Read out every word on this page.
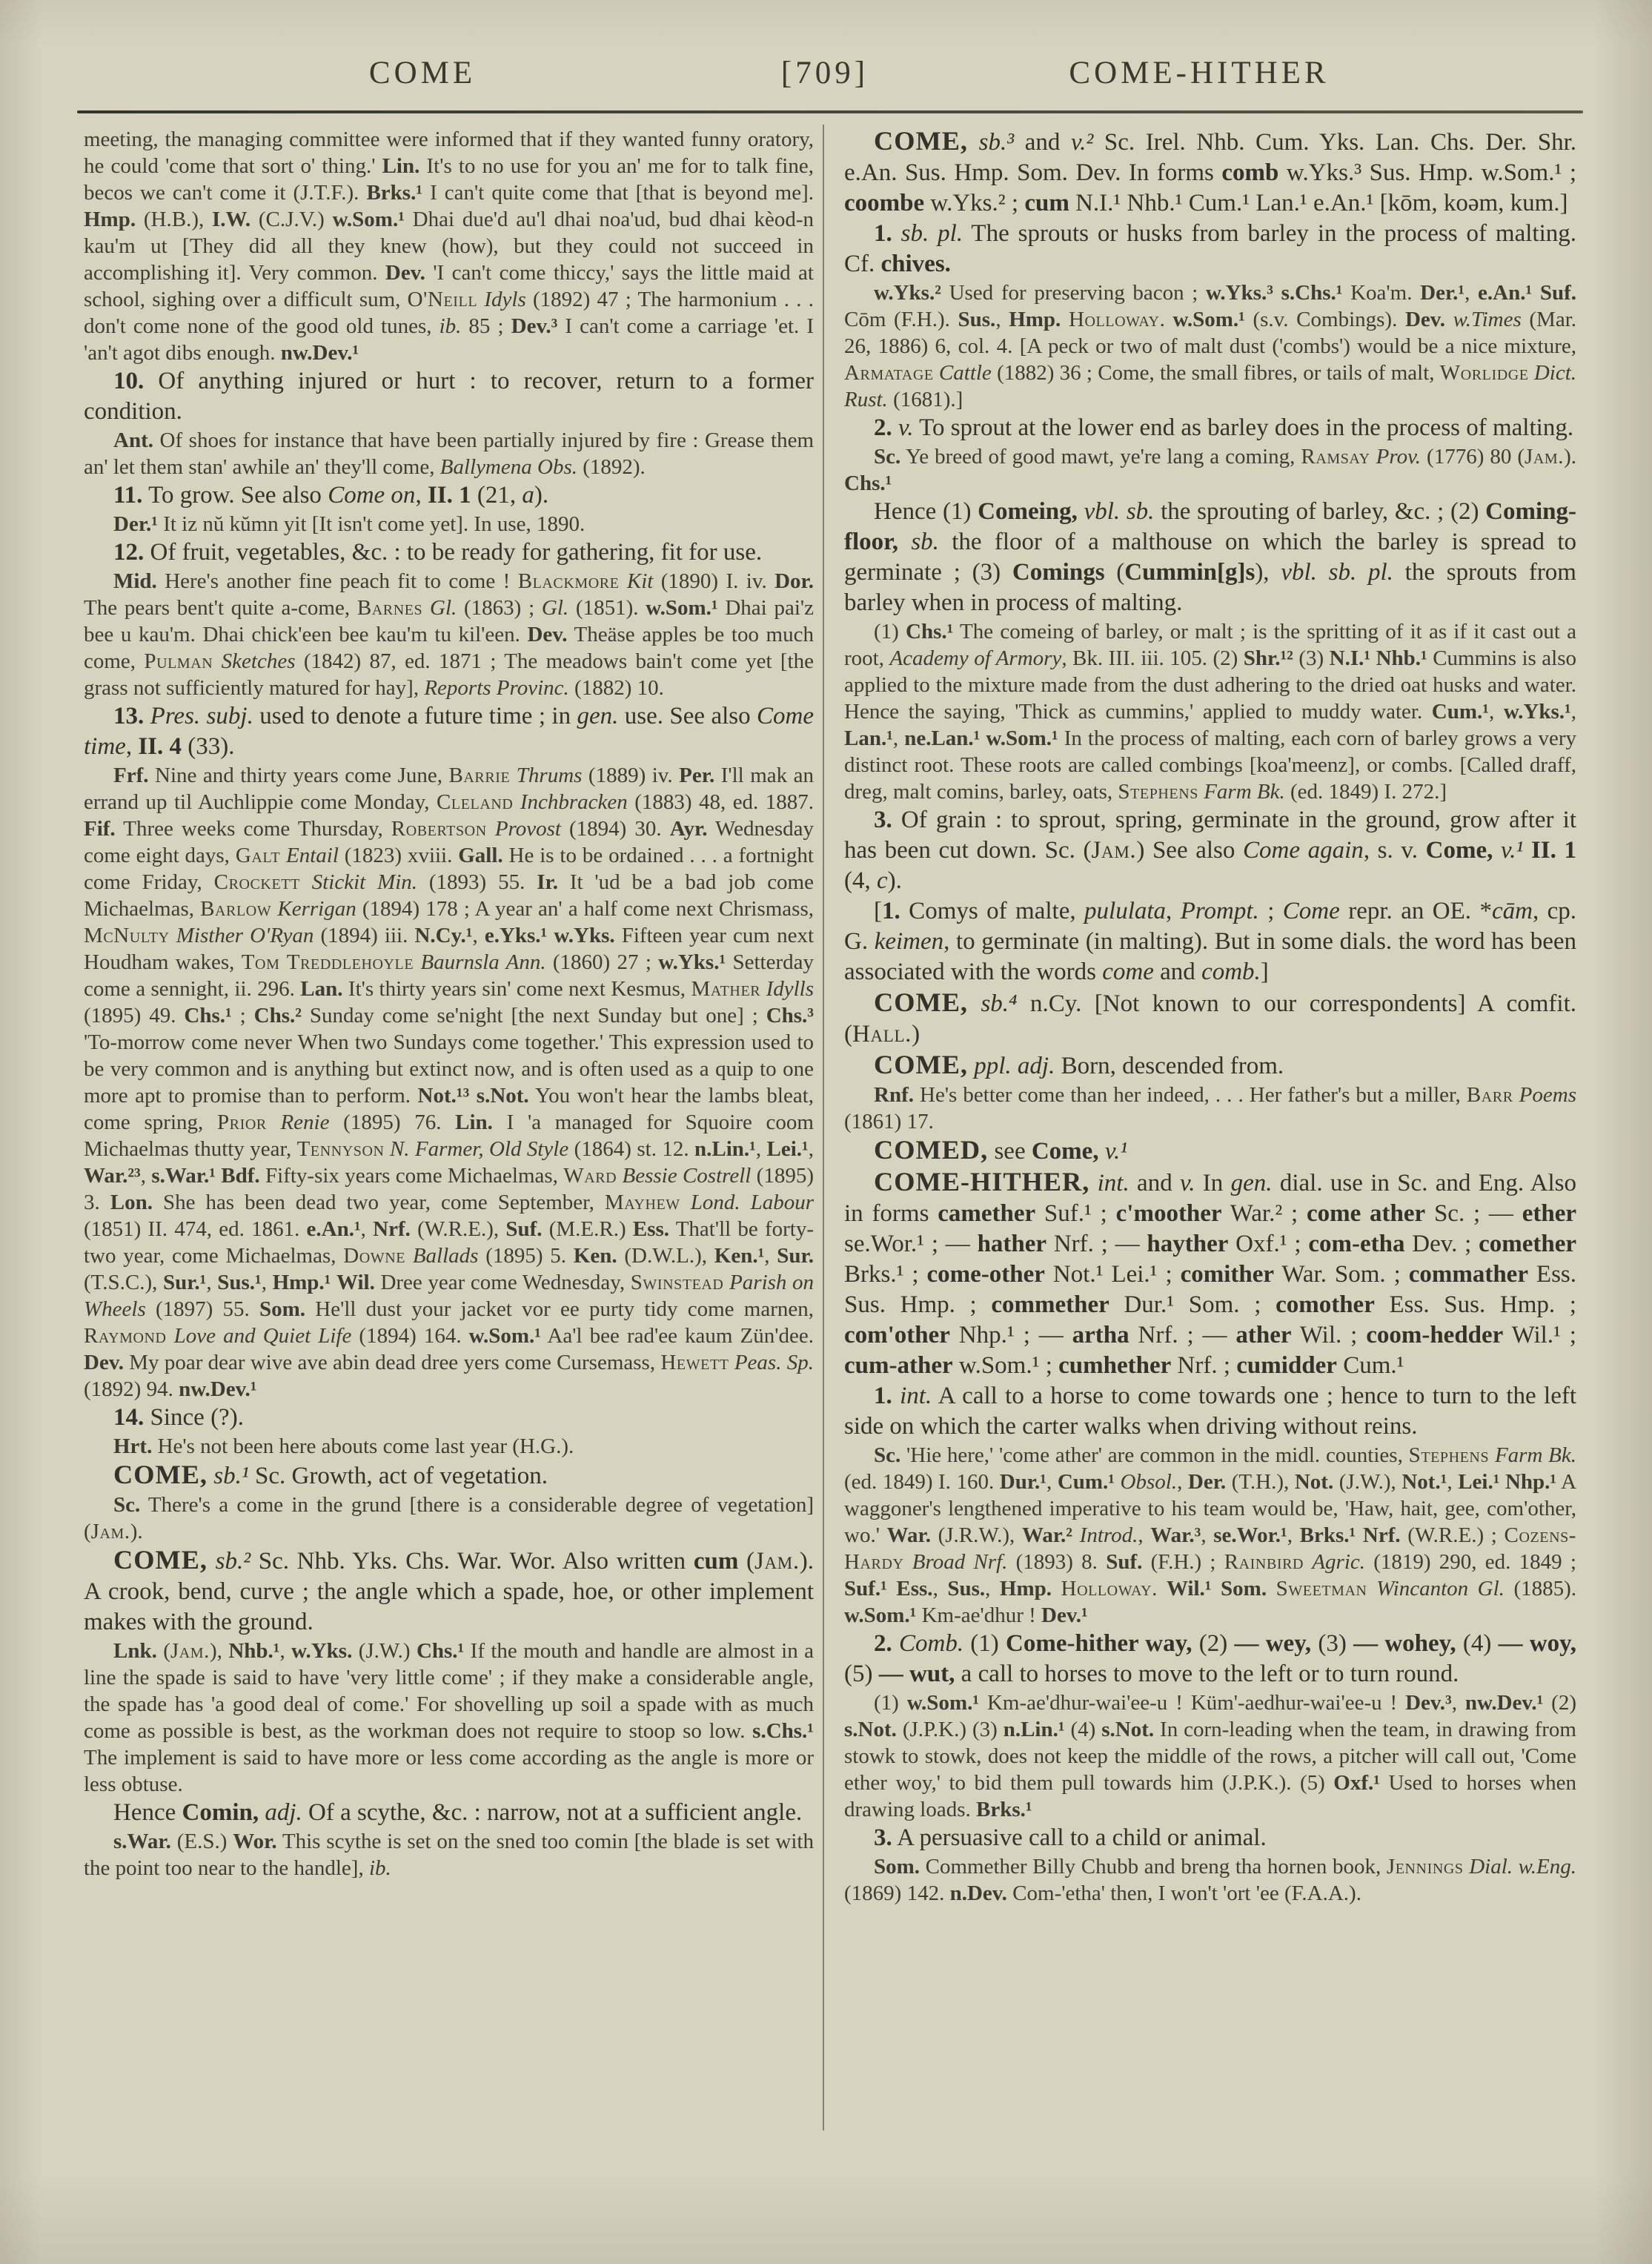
COME	[709]	COME-HITHER

meeting, the managing committee were informed that if they wanted funny oratory, he could 'come that sort o' thing.' Lin. It's to no use for you an' me for to talk fine, becos we can't come it (J.T.F.). Brks.¹ I can't quite come that [that is beyond me]. Hmp. (H.B.), I.W. (C.J.V.) w.Som.¹ Dhai due'd au'l dhai noa'ud, bud dhai kèod-n kau'm ut [They did all they knew (how), but they could not succeed in accomplishing it]. Very common. Dev. 'I can't come thiccy,' says the little maid at school, sighing over a difficult sum, O'Neill Idyls (1892) 47 ; The harmonium . . . don't come none of the good old tunes, ib. 85 ; Dev.³ I can't come a carriage 'et. I 'an't agot dibs enough. nw.Dev.¹

10. Of anything injured or hurt : to recover, return to a former condition.

Ant. Of shoes for instance that have been partially injured by fire : Grease them an' let them stan' awhile an' they'll come, Ballymena Obs. (1892).

11. To grow. See also Come on, II. 1 (21, a).

Der.¹ It iz nŭ kŭmn yit [It isn't come yet]. In use, 1890.

12. Of fruit, vegetables, &c. : to be ready for gathering, fit for use.

Mid. Here's another fine peach fit to come ! Blackmore Kit (1890) I. iv. Dor. The pears bent't quite a-come, Barnes Gl. (1863) ; Gl. (1851). w.Som.¹ Dhai pai'z bee u kau'm. Dhai chick'een bee kau'm tu kil'een. Dev. Theäse apples be too much come, Pulman Sketches (1842) 87, ed. 1871 ; The meadows bain't come yet [the grass not sufficiently matured for hay], Reports Provinc. (1882) 10.

13. Pres. subj. used to denote a future time ; in gen. use. See also Come time, II. 4 (33).

Frf. Nine and thirty years come June, Barrie Thrums (1889) iv. Per. I'll mak an errand up til Auchlippie come Monday, Cleland Inchbracken (1883) 48, ed. 1887. Fif. Three weeks come Thursday, Robertson Provost (1894) 30. Ayr. Wednesday come eight days, Galt Entail (1823) xviii. Gall. He is to be ordained . . . a fortnight come Friday, Crockett Stickit Min. (1893) 55. Ir. It 'ud be a bad job come Michaelmas, Barlow Kerrigan (1894) 178 ; A year an' a half come next Chrismass, McNulty Misther O'Ryan (1894) iii. N.Cy.¹, e.Yks.¹ w.Yks. Fifteen year cum next Houdham wakes, Tom Treddlehoyle Baurnsla Ann. (1860) 27 ; w.Yks.¹ Setterday come a sennight, ii. 296. Lan. It's thirty years sin' come next Kesmus, Mather Idylls (1895) 49. Chs.¹ ; Chs.² Sunday come se'night [the next Sunday but one] ; Chs.³ 'To-morrow come never When two Sundays come together.' This expression used to be very common and is anything but extinct now, and is often used as a quip to one more apt to promise than to perform. Not.¹³ s.Not. You won't hear the lambs bleat, come spring, Prior Renie (1895) 76. Lin. I 'a managed for Squoire coom Michaelmas thutty year, Tennyson N. Farmer, Old Style (1864) st. 12. n.Lin.¹, Lei.¹, War.²³, s.War.¹ Bdf. Fifty-six years come Michaelmas, Ward Bessie Costrell (1895) 3. Lon. She has been dead two year, come September, Mayhew Lond. Labour (1851) II. 474, ed. 1861. e.An.¹, Nrf. (W.R.E.), Suf. (M.E.R.) Ess. That'll be forty-two year, come Michaelmas, Downe Ballads (1895) 5. Ken. (D.W.L.), Ken.¹, Sur. (T.S.C.), Sur.¹, Sus.¹, Hmp.¹ Wil. Dree year come Wednesday, Swinstead Parish on Wheels (1897) 55. Som. He'll dust your jacket vor ee purty tidy come marnen, Raymond Love and Quiet Life (1894) 164. w.Som.¹ Aa'l bee rad'ee kaum Zün'dee. Dev. My poar dear wive ave abin dead dree yers come Cursemass, Hewett Peas. Sp. (1892) 94. nw.Dev.¹

14. Since (?).

Hrt. He's not been here abouts come last year (H.G.).

COME, sb.¹ Sc. Growth, act of vegetation.

Sc. There's a come in the grund [there is a considerable degree of vegetation] (Jam.).

COME, sb.² Sc. Nhb. Yks. Chs. War. Wor. Also written cum (Jam.). A crook, bend, curve ; the angle which a spade, hoe, or other implement makes with the ground.

Lnk. (Jam.), Nhb.¹, w.Yks. (J.W.) Chs.¹ If the mouth and handle are almost in a line the spade is said to have 'very little come' ; if they make a considerable angle, the spade has 'a good deal of come.' For shovelling up soil a spade with as much come as possible is best, as the workman does not require to stoop so low. s.Chs.¹ The implement is said to have more or less come according as the angle is more or less obtuse.

Hence Comin, adj. Of a scythe, &c. : narrow, not at a sufficient angle.

s.War. (E.S.) Wor. This scythe is set on the sned too comin [the blade is set with the point too near to the handle], ib.

COME, sb.³ and v.² Sc. Irel. Nhb. Cum. Yks. Lan. Chs. Der. Shr. e.An. Sus. Hmp. Som. Dev. In forms comb w.Yks.³ Sus. Hmp. w.Som.¹ ; coombe w.Yks.² ; cum N.I.¹ Nhb.¹ Cum.¹ Lan.¹ e.An.¹ [kōm, koəm, kum.]

1. sb. pl. The sprouts or husks from barley in the process of malting. Cf. chives.

w.Yks.² Used for preserving bacon ; w.Yks.³ s.Chs.¹ Koa'm. Der.¹, e.An.¹ Suf. Cōm (F.H.). Sus., Hmp. Holloway. w.Som.¹ (s.v. Combings). Dev. w.Times (Mar. 26, 1886) 6, col. 4. [A peck or two of malt dust ('combs') would be a nice mixture, Armatage Cattle (1882) 36 ; Come, the small fibres, or tails of malt, Worlidge Dict. Rust. (1681).]

2. v. To sprout at the lower end as barley does in the process of malting.

Sc. Ye breed of good mawt, ye're lang a coming, Ramsay Prov. (1776) 80 (Jam.). Chs.¹

Hence (1) Comeing, vbl. sb. the sprouting of barley, &c. ; (2) Coming-floor, sb. the floor of a malthouse on which the barley is spread to germinate ; (3) Comings (Cummin[g]s), vbl. sb. pl. the sprouts from barley when in process of malting.

(1) Chs.¹ The comeing of barley, or malt ; is the spritting of it as if it cast out a root, Academy of Armory, Bk. III. iii. 105. (2) Shr.¹² (3) N.I.¹ Nhb.¹ Cummins is also applied to the mixture made from the dust adhering to the dried oat husks and water. Hence the saying, 'Thick as cummins,' applied to muddy water. Cum.¹, w.Yks.¹, Lan.¹, ne.Lan.¹ w.Som.¹ In the process of malting, each corn of barley grows a very distinct root. These roots are called combings [koa'meenz], or combs. [Called draff, dreg, malt comins, barley, oats, Stephens Farm Bk. (ed. 1849) I. 272.]

3. Of grain : to sprout, spring, germinate in the ground, grow after it has been cut down. Sc. (Jam.) See also Come again, s. v. Come, v.¹ II. 1 (4, c).

[1. Comys of malte, pululata, Prompt. ; Come repr. an OE. *cām, cp. G. keimen, to germinate (in malting). But in some dials. the word has been associated with the words come and comb.]

COME, sb.⁴ n.Cy. [Not known to our correspondents] A comfit. (Hall.)

COME, ppl. adj. Born, descended from.

Rnf. He's better come than her indeed, . . . Her father's but a miller, Barr Poems (1861) 17.

COMED, see Come, v.¹

COME-HITHER, int. and v. In gen. dial. use in Sc. and Eng. Also in forms camether Suf.¹ ; c'moother War.² ; come ather Sc. ; — ether se.Wor.¹ ; — hather Nrf. ; — hayther Oxf.¹ ; com-etha Dev. ; comether Brks.¹ ; come-other Not.¹ Lei.¹ ; comither War. Som. ; commather Ess. Sus. Hmp. ; commether Dur.¹ Som. ; comother Ess. Sus. Hmp. ; com'other Nhp.¹ ; — artha Nrf. ; — ather Wil. ; coom-hedder Wil.¹ ; cum-ather w.Som.¹ ; cumhether Nrf. ; cumidder Cum.¹

1. int. A call to a horse to come towards one ; hence to turn to the left side on which the carter walks when driving without reins.

Sc. 'Hie here,' 'come ather' are common in the midl. counties, Stephens Farm Bk. (ed. 1849) I. 160. Dur.¹, Cum.¹ Obsol., Der. (T.H.), Not. (J.W.), Not.¹, Lei.¹ Nhp.¹ A waggoner's lengthened imperative to his team would be, 'Haw, hait, gee, com'other, wo.' War. (J.R.W.), War.² Introd., War.³, se.Wor.¹, Brks.¹ Nrf. (W.R.E.) ; Cozens-Hardy Broad Nrf. (1893) 8. Suf. (F.H.) ; Rainbird Agric. (1819) 290, ed. 1849 ; Suf.¹ Ess., Sus., Hmp. Holloway. Wil.¹ Som. Sweetman Wincanton Gl. (1885). w.Som.¹ Km-ae'dhur ! Dev.¹

2. Comb. (1) Come-hither way, (2) — wey, (3) — wohey, (4) — woy, (5) — wut, a call to horses to move to the left or to turn round.

(1) w.Som.¹ Km-ae'dhur-wai'ee-u ! Küm'-aedhur-wai'ee-u ! Dev.³, nw.Dev.¹ (2) s.Not. (J.P.K.) (3) n.Lin.¹ (4) s.Not. In corn-leading when the team, in drawing from stowk to stowk, does not keep the middle of the rows, a pitcher will call out, 'Come ether woy,' to bid them pull towards him (J.P.K.). (5) Oxf.¹ Used to horses when drawing loads. Brks.¹

3. A persuasive call to a child or animal.

Som. Commether Billy Chubb and breng tha hornen book, Jennings Dial. w.Eng. (1869) 142. n.Dev. Com-'etha' then, I won't 'ort 'ee (F.A.A.).
